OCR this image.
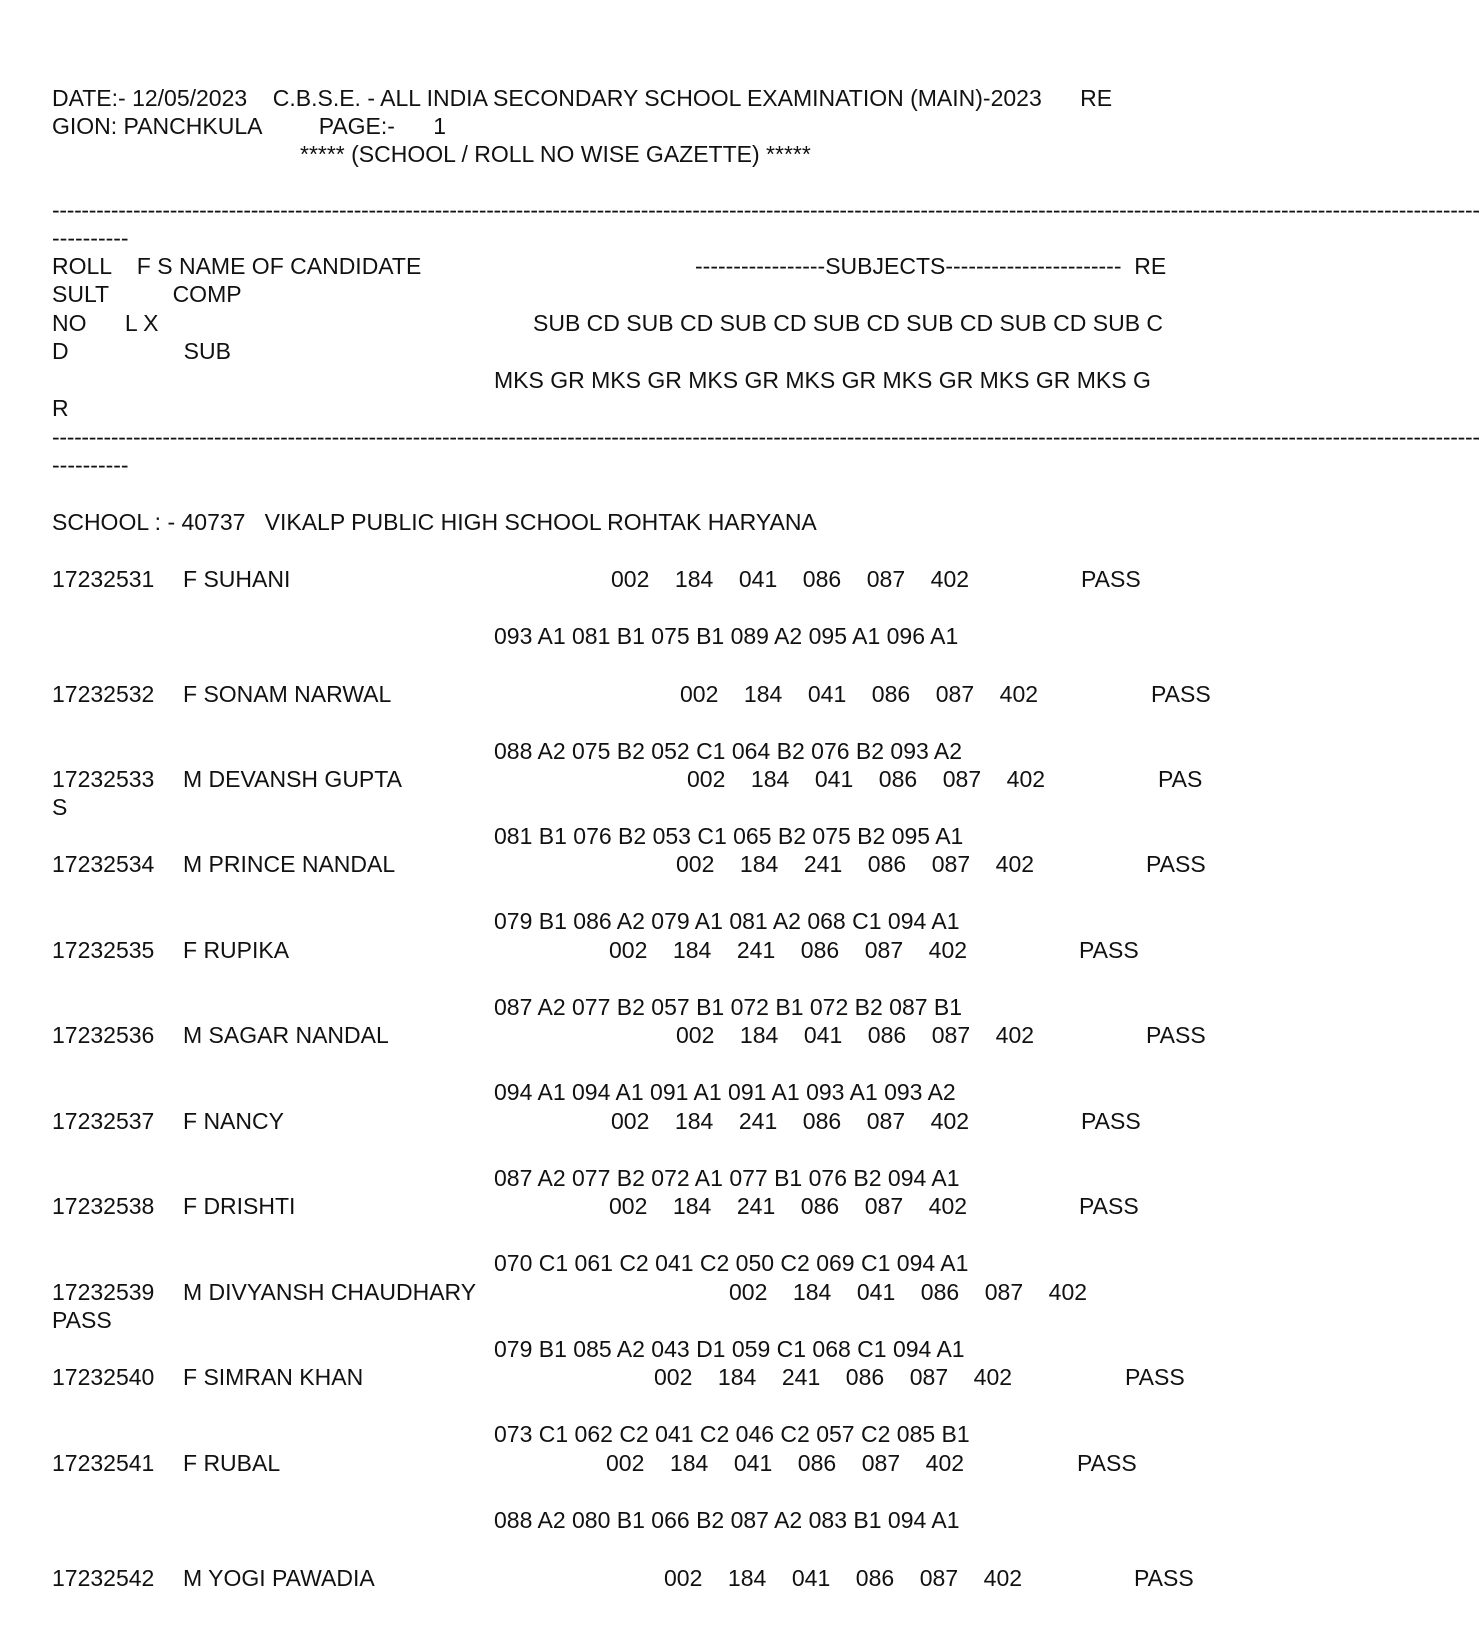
DATE:- 12/05/2023    C.B.S.E. - ALL INDIA SECONDARY SCHOOL EXAMINATION (MAIN)-2023      RE
GION: PANCHKULA         PAGE:-      1
***** (SCHOOL / ROLL NO WISE GAZETTE) *****
--------------------------------------------------------------------------------------------------------------------------------------------------------------------------------------------------
----------
ROLL    F S NAME OF CANDIDATE	-----------------SUBJECTS-----------------------  RE
SULT          COMP
NO      L X	SUB CD SUB CD SUB CD SUB CD SUB CD SUB CD SUB C
D                  SUB
MKS GR MKS GR MKS GR MKS GR MKS GR MKS GR MKS G
R
--------------------------------------------------------------------------------------------------------------------------------------------------------------------------------------------------
----------
SCHOOL : - 40737   VIKALP PUBLIC HIGH SCHOOL ROHTAK HARYANA
17232531 F SUHANI	002    184    041    086    087    402	PASS
093 A1 081 B1 075 B1 089 A2 095 A1 096 A1
17232532 F SONAM NARWAL	002    184    041    086    087    402	PASS
088 A2 075 B2 052 C1 064 B2 076 B2 093 A2
17232533 M DEVANSH GUPTA	002    184    041    086    087    402	PAS
S
081 B1 076 B2 053 C1 065 B2 075 B2 095 A1
17232534 M PRINCE NANDAL	002    184    241    086    087    402	PASS
079 B1 086 A2 079 A1 081 A2 068 C1 094 A1
17232535 F RUPIKA	002    184    241    086    087    402	PASS
087 A2 077 B2 057 B1 072 B1 072 B2 087 B1
17232536 M SAGAR NANDAL	002    184    041    086    087    402	PASS
094 A1 094 A1 091 A1 091 A1 093 A1 093 A2
17232537 F NANCY	002    184    241    086    087    402	PASS
087 A2 077 B2 072 A1 077 B1 076 B2 094 A1
17232538 F DRISHTI	002    184    241    086    087    402	PASS
070 C1 061 C2 041 C2 050 C2 069 C1 094 A1
17232539 M DIVYANSH CHAUDHARY	002    184    041    086    087    402
PASS
079 B1 085 A2 043 D1 059 C1 068 C1 094 A1
17232540 F SIMRAN KHAN	002    184    241    086    087    402	PASS
073 C1 062 C2 041 C2 046 C2 057 C2 085 B1
17232541 F RUBAL	002    184    041    086    087    402	PASS
088 A2 080 B1 066 B2 087 A2 083 B1 094 A1
17232542 M YOGI PAWADIA	002    184    041    086    087    402	PASS
